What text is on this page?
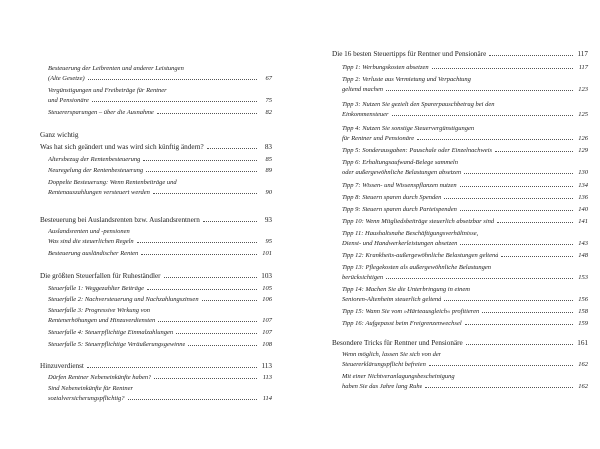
Besteuerung der Leibrenten und anderer Leistungen
(Alte Gesetze)	67
Vergünstigungen und Freibeträge für Rentner
und Pensionäre	75
Steuerersparungen – über die Ausnahme	82
Ganz wichtig
Was hat sich geändert und was wird sich künftig ändern?	83
Altersbezug der Rentenbesteuerung	85
Neuregelung der Rentenbesteuerung	89
Doppelte Besteuerung: Wenn Rentenbeiträge und
Rentenauszahlungen versteuert werden	90
Besteuerung bei Auslandsrenten bzw. Auslandsrentnern	93
Auslandsrenten und -pensionen
Was sind die steuerlichen Regeln	95
Besteuerung ausländischer Renten	101
Die größten Steuerfallen für Ruheständler	103
Steuerfalle 1: Weggezahlter Beiträge	105
Steuerfalle 2: Nachversteuerung und Nachzahlungszinsen	106
Steuerfalle 3: Progressive Wirkung von
Rentenerhöhungen und Hinzuverdiensten	107
Steuerfalle 4: Steuerpflichtige Einmalzahlungen	107
Steuerfalle 5: Steuerpflichtige Veräußerungsgewinne	108
Hinzuverdienst	113
Dürfen Rentner Nebeneinkünfte haben?	113
Sind Nebeneinkünfte für Rentner
sozialversicherungspflichtig?	114
Die 16 besten Steuertipps für Rentner und Pensionäre	117
Tipp 1: Werbungskosten absetzen	117
Tipp 2: Verluste aus Vermietung und Verpachtung
geltend machen	123
Tipp 3: Nutzen Sie gezielt den Sparerpauschbetrag bei den
Einkommensteuer	125
Tipp 4: Nutzen Sie sonstige Steuervergünstigungen
für Rentner und Pensionäre	126
Tipp 5: Sonderausgaben: Pauschale oder Einzelnachweis	129
Tipp 6: Erhaltungsaufwand-Belege sammeln
oder außergewöhnliche Belastungen absetzen	130
Tipp 7: Wissen- und Wissenspflanzen nutzen	134
Tipp 8: Steuern sparen durch Spenden	136
Tipp 9: Steuern sparen durch Parteispenden	140
Tipp 10: Wenn Mitgliedsbeiträge steuerlich absetzbar sind	141
Tipp 11: Haushaltsnahe Beschäftigungsverhältnisse,
Dienst- und Handwerkerleistungen absetzen	143
Tipp 12: Krankheits-außergewöhnliche Belastungen geltend	148
Tipp 13: Pflegekosten als außergewöhnliche Belastungen
berücksichtigen	153
Tipp 14: Machen Sie die Unterbringung in einem
Senioren-Altenheim steuerlich geltend	156
Tipp 15: Wann Sie vom »Härteausgleich« profitieren	158
Tipp 16: Aufgepasst beim Freigrenzenwechsel	159
Besondere Tricks für Rentner und Pensionäre	161
Wenn möglich, lassen Sie sich von der
Steuererklärungspflicht befreien	162
Mit einer Nichtveranlagungsbescheinigung
haben Sie das Jahre lang Ruhe	162
